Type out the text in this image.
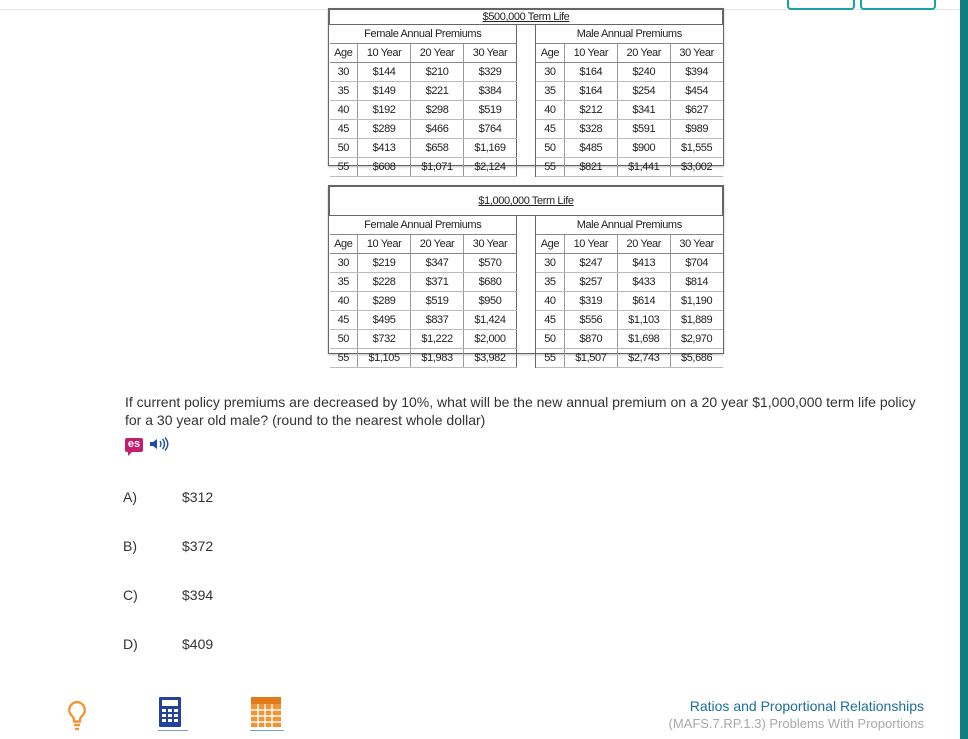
$500,000 Term Life								
Female Annual Premiums					Male Annual Premiums			
Age	10 Year	20 Year	30 Year		Age	10 Year	20 Year	30 Year
30	$144	$210	$329		30	$164	$240	$394
35	$149	$221	$384		35	$164	$254	$454
40	$192	$298	$519		40	$212	$341	$627
45	$289	$466	$764		45	$328	$591	$989
50	$413	$658	$1,169		50	$485	$900	$1,555
55	$608	$1,071	$2,124		55	$821	$1,441	$3,002
$1,000,000 Term Life								
Female Annual Premiums					Male Annual Premiums			
Age	10 Year	20 Year	30 Year		Age	10 Year	20 Year	30 Year
30	$219	$347	$570		30	$247	$413	$704
35	$228	$371	$680		35	$257	$433	$814
40	$289	$519	$950		40	$319	$614	$1,190
45	$495	$837	$1,424		45	$556	$1,103	$1,889
50	$732	$1,222	$2,000		50	$870	$1,698	$2,970
55	$1,105	$1,983	$3,982		55	$1,507	$2,743	$5,686
If current policy premiums are decreased by 10%, what will be the new annual premium on a 20 year $1,000,000 term life policy for a 30 year old male? (round to the nearest whole dollar)
es
A)	$312
B)	$372
C)	$394
D)	$409
Ratios and Proportional Relationships
(MAFS.7.RP.1.3) Problems With Proportions
